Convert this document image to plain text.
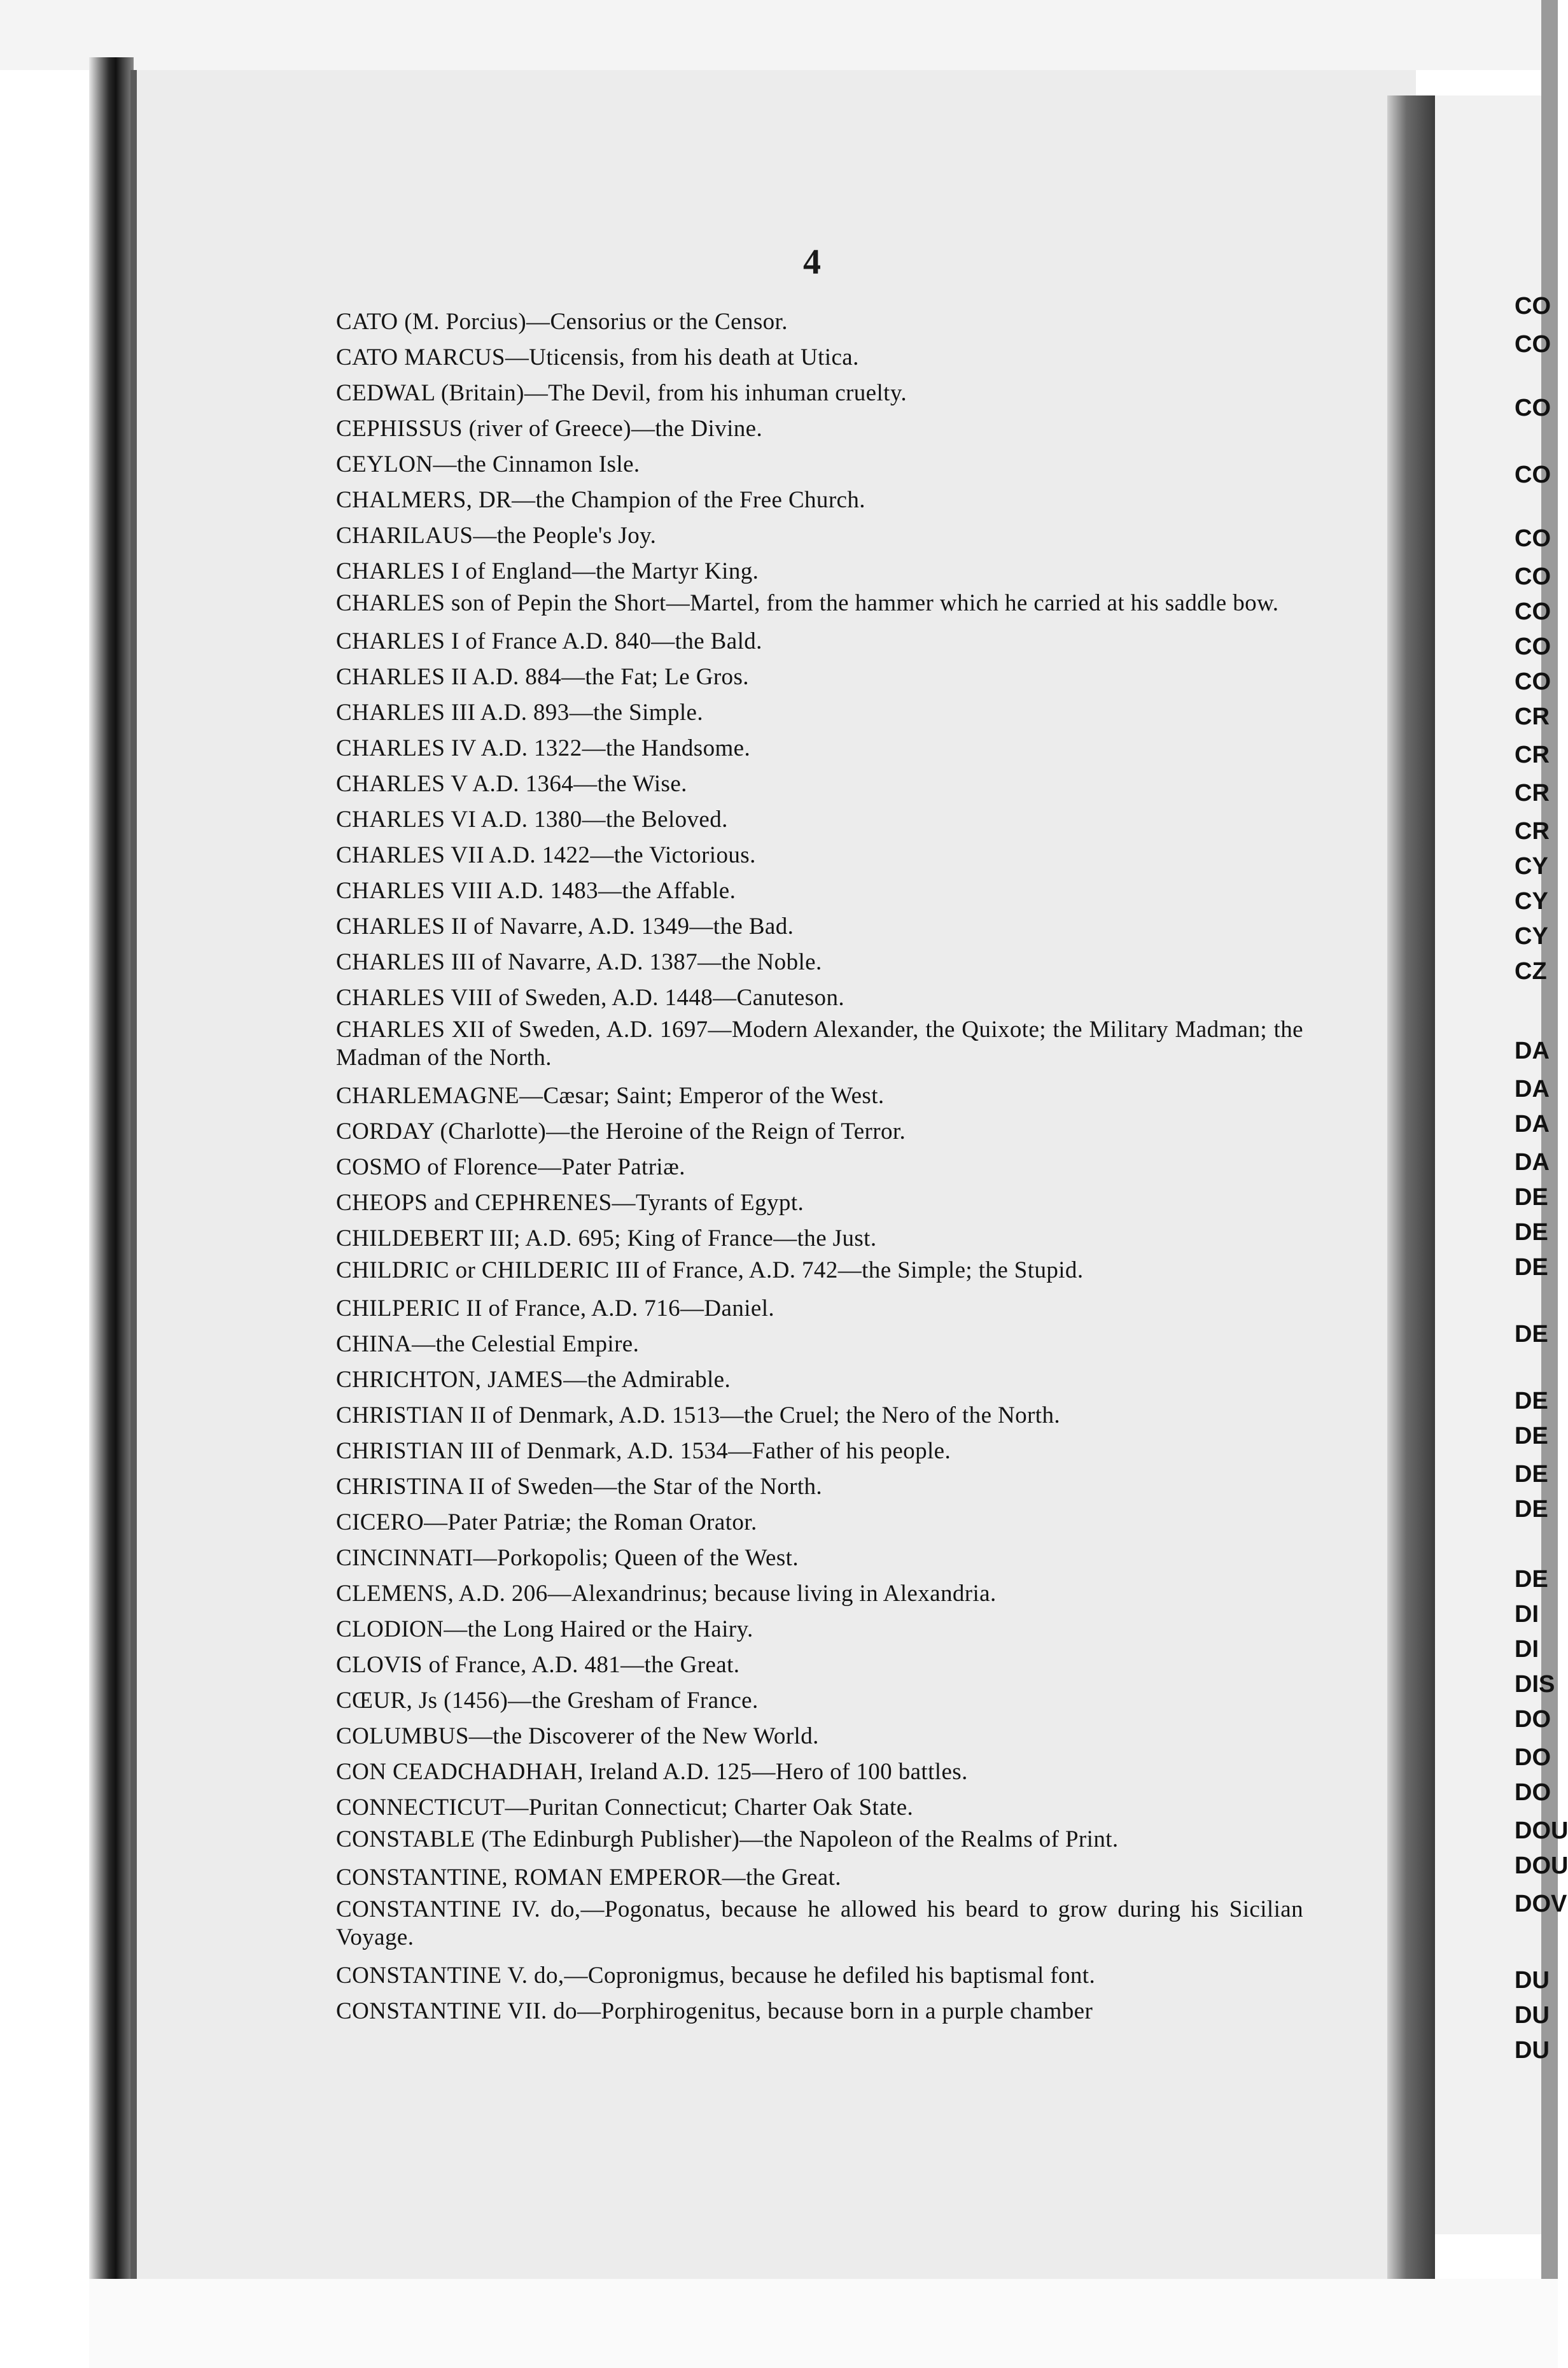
4
CATO (M. Porcius)—Censorius or the Censor.
CATO MARCUS—Uticensis, from his death at Utica.
CEDWAL (Britain)—The Devil, from his inhuman cruelty.
CEPHISSUS (river of Greece)—the Divine.
CEYLON—the Cinnamon Isle.
CHALMERS, DR—the Champion of the Free Church.
CHARILAUS—the People's Joy.
CHARLES I of England—the Martyr King.
CHARLES son of Pepin the Short—Martel, from the hammer which he carried at his saddle bow.
CHARLES I of France A.D. 840—the Bald.
CHARLES II A.D. 884—the Fat; Le Gros.
CHARLES III A.D. 893—the Simple.
CHARLES IV A.D. 1322—the Handsome.
CHARLES V A.D. 1364—the Wise.
CHARLES VI A.D. 1380—the Beloved.
CHARLES VII A.D. 1422—the Victorious.
CHARLES VIII A.D. 1483—the Affable.
CHARLES II of Navarre, A.D. 1349—the Bad.
CHARLES III of Navarre, A.D. 1387—the Noble.
CHARLES VIII of Sweden, A.D. 1448—Canuteson.
CHARLES XII of Sweden, A.D. 1697—Modern Alexander, the Quixote; the Military Madman; the Madman of the North.
CHARLEMAGNE—Cæsar; Saint; Emperor of the West.
CORDAY (Charlotte)—the Heroine of the Reign of Terror.
COSMO of Florence—Pater Patriæ.
CHEOPS and CEPHRENES—Tyrants of Egypt.
CHILDEBERT III; A.D. 695; King of France—the Just.
CHILDRIC or CHILDERIC III of France, A.D. 742—the Simple; the Stupid.
CHILPERIC II of France, A.D. 716—Daniel.
CHINA—the Celestial Empire.
CHRICHTON, JAMES—the Admirable.
CHRISTIAN II of Denmark, A.D. 1513—the Cruel; the Nero of the North.
CHRISTIAN III of Denmark, A.D. 1534—Father of his people.
CHRISTINA II of Sweden—the Star of the North.
CICERO—Pater Patriæ; the Roman Orator.
CINCINNATI—Porkopolis; Queen of the West.
CLEMENS, A.D. 206—Alexandrinus; because living in Alexandria.
CLODION—the Long Haired or the Hairy.
CLOVIS of France, A.D. 481—the Great.
CŒUR, Js (1456)—the Gresham of France.
COLUMBUS—the Discoverer of the New World.
CON CEADCHADHAH, Ireland A.D. 125—Hero of 100 battles.
CONNECTICUT—Puritan Connecticut; Charter Oak State.
CONSTABLE (The Edinburgh Publisher)—the Napoleon of the Realms of Print.
CONSTANTINE, ROMAN EMPEROR—the Great.
CONSTANTINE IV. do,—Pogonatus, because he allowed his beard to grow during his Sicilian Voyage.
CONSTANTINE V. do,—Copronigmus, because he defiled his baptismal font.
CONSTANTINE VII. do—Porphirogenitus, because born in a purple chamber
CO
CO
CO
CO
CO
CO
CO
CO
CO
CR
CR
CR
CR
CY
CY
CY
CZ
DA
DA
DA
DA
DE
DE
DE
DE
DE
DE
DE
DE
DE
DI
DI
DIS
DO
DO
DO
DOU
DOU
DOV
DU
DU
DU
